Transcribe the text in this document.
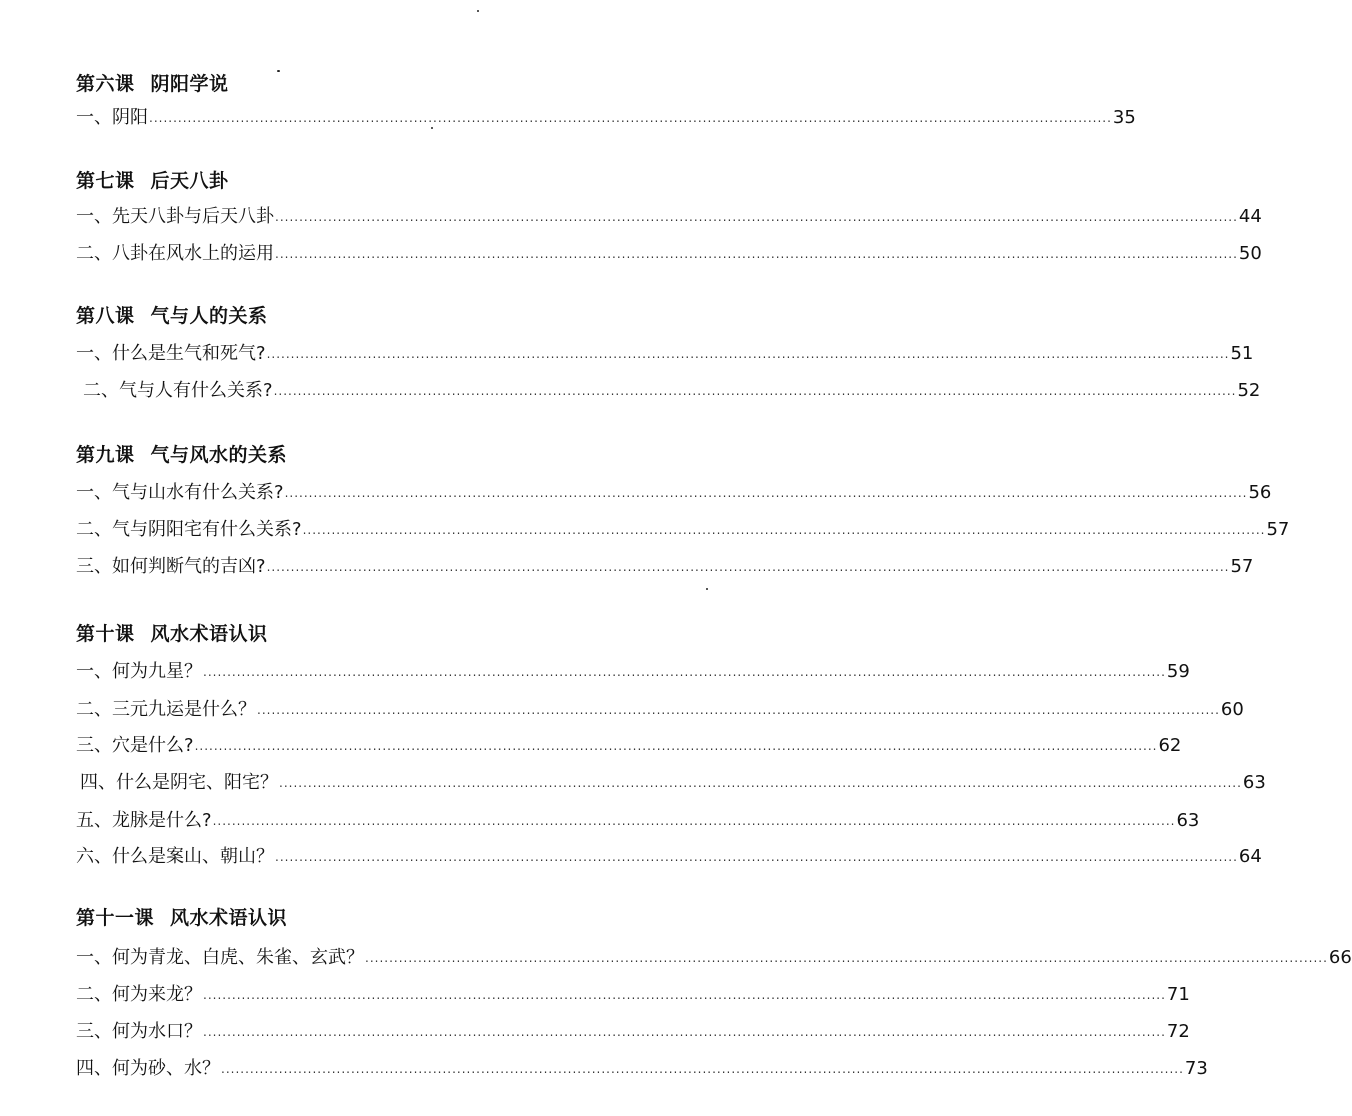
第六课 阴阳学说
一、阴阳 ........................................................................................................................................................................................................ 35
第七课 后天八卦
一、先天八卦与后天八卦 ........................................................................................................................................................................................................ 44
二、八卦在风水上的运用 ........................................................................................................................................................................................................ 50
第八课 气与人的关系
一、什么是生气和死气? ........................................................................................................................................................................................................ 51
二、气与人有什么关系? ........................................................................................................................................................................................................ 52
第九课 气与风水的关系
一、气与山水有什么关系? ........................................................................................................................................................................................................ 56
二、气与阴阳宅有什么关系? ........................................................................................................................................................................................................ 57
三、如何判断气的吉凶? ........................................................................................................................................................................................................ 57
第十课 风水术语认识
一、何为九星？ ........................................................................................................................................................................................................ 59
二、三元九运是什么？ ........................................................................................................................................................................................................ 60
三、穴是什么? ........................................................................................................................................................................................................ 62
四、什么是阴宅、阳宅？ ........................................................................................................................................................................................................ 63
五、龙脉是什么? ........................................................................................................................................................................................................ 63
六、什么是案山、朝山？ ........................................................................................................................................................................................................ 64
第十一课 风水术语认识
一、何为青龙、白虎、朱雀、玄武？ ........................................................................................................................................................................................................ 66
二、何为来龙？ ........................................................................................................................................................................................................ 71
三、何为水口？ ........................................................................................................................................................................................................ 72
四、何为砂、水？ ........................................................................................................................................................................................................ 73
